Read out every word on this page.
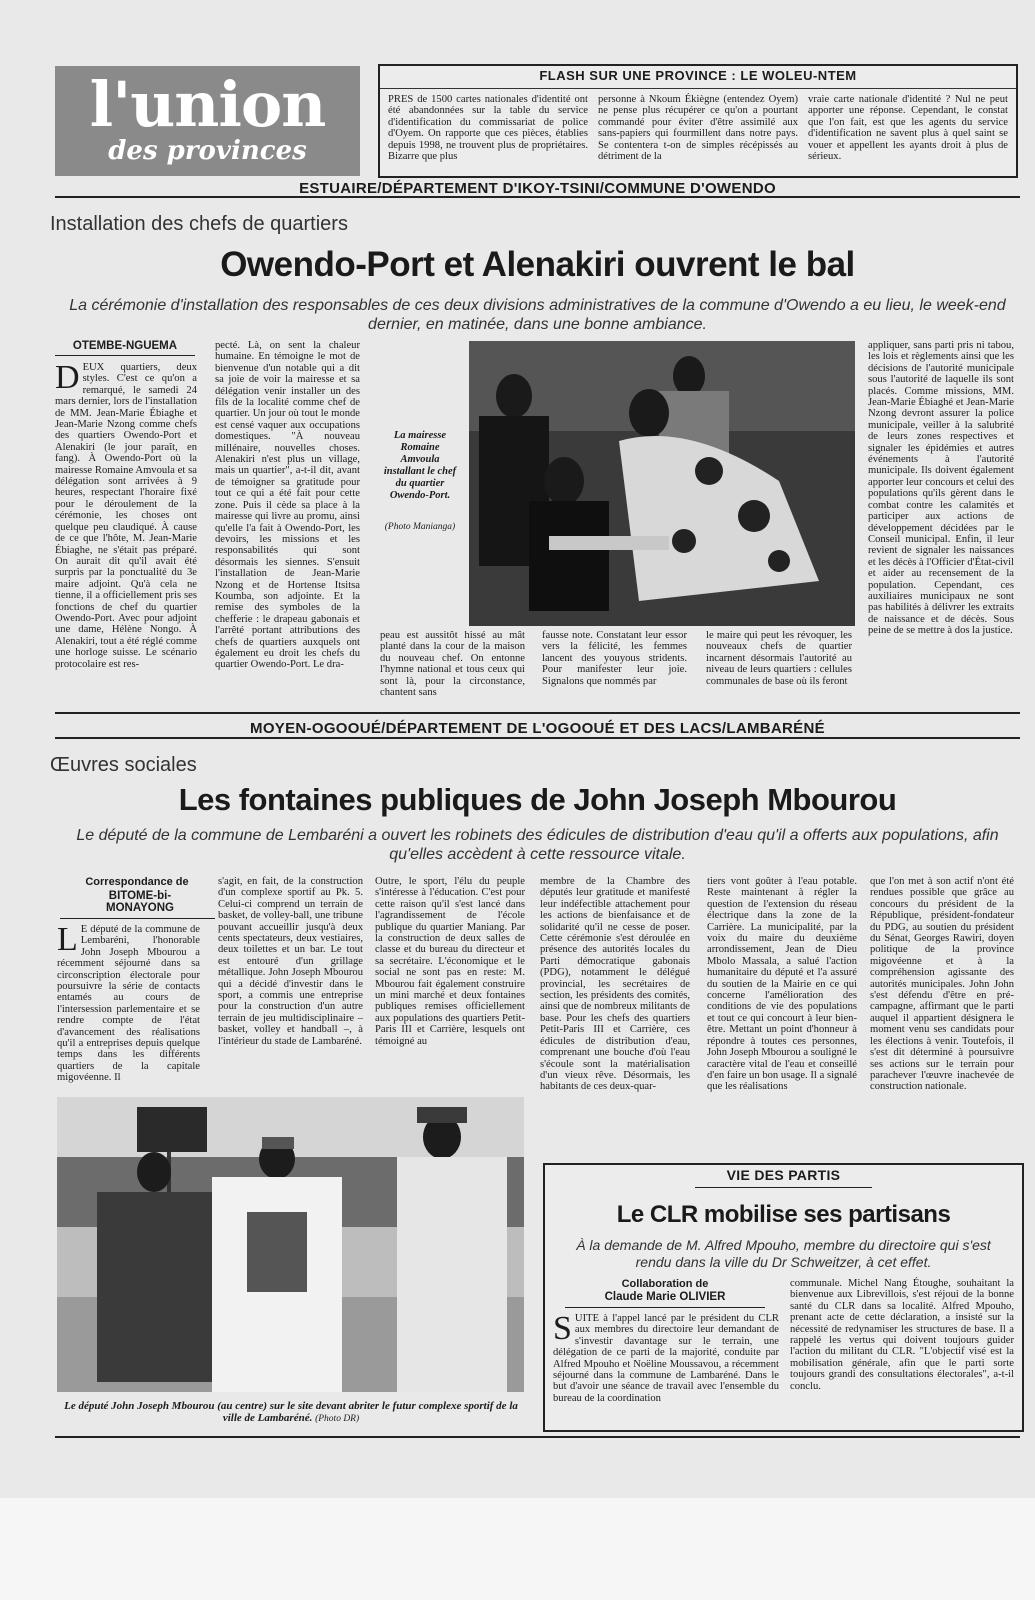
l'union
des provinces
FLASH SUR UNE PROVINCE : LE WOLEU-NTEM
PRES de 1500 cartes nationales d'identité ont été abandonnées sur la table du service d'identification du commissariat de police d'Oyem. On rapporte que ces pièces, établies depuis 1998, ne trouvent plus de propriétaires. Bizarre que plus
personne à Nkoum Ékiègne (entendez Oyem) ne pense plus récupérer ce qu'on a pourtant commandé pour éviter d'être assimilé aux sans-papiers qui fourmillent dans notre pays. Se contentera t-on de simples récépissés au détriment de la
vraie carte nationale d'identité ? Nul ne peut apporter une réponse. Cependant, le constat que l'on fait, est que les agents du service d'identification ne savent plus à quel saint se vouer et appellent les ayants droit à plus de sérieux.
ESTUAIRE/DÉPARTEMENT D'IKOY-TSINI/COMMUNE D'OWENDO
Installation des chefs de quartiers
Owendo-Port et Alenakiri ouvrent le bal
La cérémonie d'installation des responsables de ces deux divisions administratives de la commune d'Owendo a eu lieu, le week-end dernier, en matinée, dans une bonne ambiance.
OTEMBE-NGUEMA
DEUX quartiers, deux styles. C'est ce qu'on a remarqué, le samedi 24 mars dernier, lors de l'installation de MM. Jean-Marie Ébiaghe et Jean-Marie Nzong comme chefs des quartiers Owendo-Port et Alenakiri (le jour paraît, en fang). À Owendo-Port où la mairesse Romaine Amvoula et sa délégation sont arrivées à 9 heures, respectant l'horaire fixé pour le déroulement de la cérémonie, les choses ont quelque peu claudiqué. À cause de ce que l'hôte, M. Jean-Marie Ébiaghe, ne s'était pas préparé. On aurait dit qu'il avait été surpris par la ponctualité du 3e maire adjoint. Qu'à cela ne tienne, il a officiellement pris ses fonctions de chef du quartier Owendo-Port. Avec pour adjoint une dame, Hélène Nongo. À Alenakiri, tout a été réglé comme une horloge suisse. Le scénario protocolaire est res-
pecté. Là, on sent la chaleur humaine. En témoigne le mot de bienvenue d'un notable qui a dit sa joie de voir la mairesse et sa délégation venir installer un des fils de la localité comme chef de quartier. Un jour où tout le monde est censé vaquer aux occupations domestiques. "À nouveau millénaire, nouvelles choses. Alenakiri n'est plus un village, mais un quartier", a-t-il dit, avant de témoigner sa gratitude pour tout ce qui a été fait pour cette zone. Puis il cède sa place à la mairesse qui livre au promu, ainsi qu'elle l'a fait à Owendo-Port, les devoirs, les missions et les responsabilités qui sont désormais les siennes. S'ensuit l'installation de Jean-Marie Nzong et de Hortense Itsitsa Koumba, son adjointe. Et la remise des symboles de la chefferie : le drapeau gabonais et l'arrêté portant attributions des chefs de quartiers auxquels ont également eu droit les chefs du quartier Owendo-Port. Le dra-
La mairesse Romaine Amvoula installant le chef du quartier Owendo-Port.
(Photo Manianga)
peau est aussitôt hissé au mât planté dans la cour de la maison du nouveau chef. On entonne l'hymne national et tous ceux qui sont là, pour la circonstance, chantent sans
fausse note. Constatant leur essor vers la félicité, les femmes lancent des youyous stridents. Pour manifester leur joie. Signalons que nommés par
le maire qui peut les révoquer, les nouveaux chefs de quartier incarnent désormais l'autorité au niveau de leurs quartiers : cellules communales de base où ils feront
appliquer, sans parti pris ni tabou, les lois et règlements ainsi que les décisions de l'autorité municipale sous l'autorité de laquelle ils sont placés. Comme missions, MM. Jean-Marie Ébiaghé et Jean-Marie Nzong devront assurer la police municipale, veiller à la salubrité de leurs zones respectives et signaler les épidémies et autres événements à l'autorité municipale. Ils doivent également apporter leur concours et celui des populations qu'ils gèrent dans le combat contre les calamités et participer aux actions de développement décidées par le Conseil municipal. Enfin, il leur revient de signaler les naissances et les décès à l'Officier d'État-civil et aider au recensement de la population. Cependant, ces auxiliaires municipaux ne sont pas habilités à délivrer les extraits de naissance et de décès. Sous peine de se mettre à dos la justice.
MOYEN-OGOOUÉ/DÉPARTEMENT DE L'OGOOUÉ ET DES LACS/LAMBARÉNÉ
Œuvres sociales
Les fontaines publiques de John Joseph Mbourou
Le député de la commune de Lembaréni a ouvert les robinets des édicules de distribution d'eau qu'il a offerts aux populations, afin qu'elles accèdent à cette ressource vitale.
Correspondance de
BITOME-bi-MONAYONG
L E député de la commune de Lembaréni, l'honorable John Joseph Mbourou a récemment séjourné dans sa circonscription électorale pour poursuivre la série de contacts entamés au cours de l'intersession parlementaire et se rendre compte de l'état d'avancement des réalisations qu'il a entreprises depuis quelque temps dans les différents quartiers de la capitale migovéenne. Il
s'agit, en fait, de la construction d'un complexe sportif au Pk. 5. Celui-ci comprend un terrain de basket, de volley-ball, une tribune pouvant accueillir jusqu'à deux cents spectateurs, deux vestiaires, deux toilettes et un bar. Le tout est entouré d'un grillage métallique. John Joseph Mbourou qui a décidé d'investir dans le sport, a commis une entreprise pour la construction d'un autre terrain de jeu multidisciplinaire – basket, volley et handball –, à l'intérieur du stade de Lambaréné.
Outre, le sport, l'élu du peuple s'intéresse à l'éducation. C'est pour cette raison qu'il s'est lancé dans l'agrandissement de l'école publique du quartier Maniang. Par la construction de deux salles de classe et du bureau du directeur et sa secrétaire. L'économique et le social ne sont pas en reste: M. Mbourou fait également construire un mini marché et deux fontaines publiques remises officiellement aux populations des quartiers Petit-Paris III et Carrière, lesquels ont témoigné au
membre de la Chambre des députés leur gratitude et manifesté leur indéfectible attachement pour les actions de bienfaisance et de solidarité qu'il ne cesse de poser. Cette cérémonie s'est déroulée en présence des autorités locales du Parti démocratique gabonais (PDG), notamment le délégué provincial, les secrétaires de section, les présidents des comités, ainsi que de nombreux militants de base. Pour les chefs des quartiers Petit-Paris III et Carrière, ces édicules de distribution d'eau, comprenant une bouche d'où l'eau s'écoule sont la matérialisation d'un vieux rêve. Désormais, les habitants de ces deux-quar-
tiers vont goûter à l'eau potable. Reste maintenant à régler la question de l'extension du réseau électrique dans la zone de la Carrière. La municipalité, par la voix du maire du deuxième arrondissement, Jean de Dieu Mbolo Massala, a salué l'action humanitaire du député et l'a assuré du soutien de la Mairie en ce qui concerne l'amélioration des conditions de vie des populations et tout ce qui concourt à leur bien-être. Mettant un point d'honneur à répondre à toutes ces personnes, John Joseph Mbourou a souligné le caractère vital de l'eau et conseillé d'en faire un bon usage. Il a signalé que les réalisations
que l'on met à son actif n'ont été rendues possible que grâce au concours du président de la République, président-fondateur du PDG, au soutien du président du Sénat, Georges Rawiri, doyen politique de la province migovéenne et à la compréhension agissante des autorités municipales. John John s'est défendu d'être en pré-campagne, affirmant que le parti auquel il appartient désignera le moment venu ses candidats pour les élections à venir. Toutefois, il s'est dit déterminé à poursuivre ses actions sur le terrain pour parachever l'œuvre inachevée de construction nationale.
Le député John Joseph Mbourou (au centre) sur le site devant abriter le futur complexe sportif de la ville de Lambaréné. (Photo DR)
VIE DES PARTIS
Le CLR mobilise ses partisans
À la demande de M. Alfred Mpouho, membre du directoire qui s'est rendu dans la ville du Dr Schweitzer, à cet effet.
Collaboration de
Claude Marie OLIVIER
SUITE à l'appel lancé par le président du CLR aux membres du directoire leur demandant de s'investir davantage sur le terrain, une délégation de ce parti de la majorité, conduite par Alfred Mpouho et Noëline Moussavou, a récemment séjourné dans la commune de Lambaréné. Dans le but d'avoir une séance de travail avec l'ensemble du bureau de la coordination
communale. Michel Nang Étoughe, souhaitant la bienvenue aux Librevillois, s'est réjoui de la bonne santé du CLR dans sa localité. Alfred Mpouho, prenant acte de cette déclaration, a insisté sur la nécessité de redynamiser les structures de base. Il a rappelé les vertus qui doivent toujours guider l'action du militant du CLR. "L'objectif visé est la mobilisation générale, afin que le parti sorte toujours grandi des consultations électorales", a-t-il conclu.
